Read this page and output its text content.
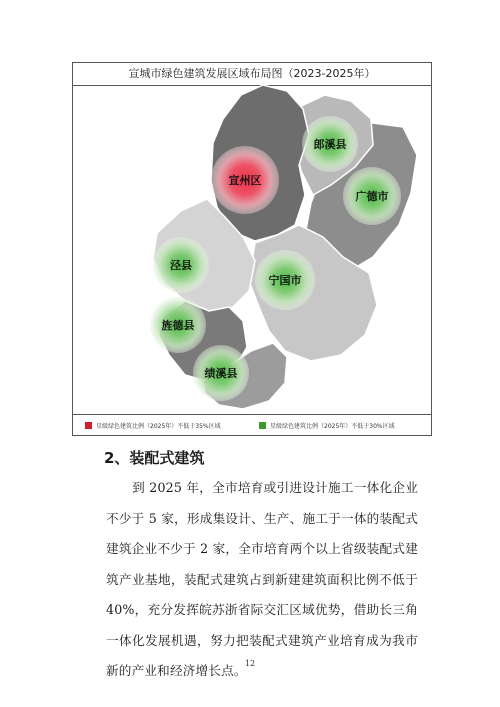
宣城市绿色建筑发展区域布局图（2023-2025年）
宣州区
郎溪县
广德市
泾县
宁国市
旌德县
绩溪县
星级绿色建筑比例（2025年）不低于35%区域	星级绿色建筑比例（2025年）不低于30%区域
2、装配式建筑
到 2025 年，全市培育或引进设计施工一体化企业不少于 5 家，形成集设计、生产、施工于一体的装配式建筑企业不少于 2 家，全市培育两个以上省级装配式建筑产业基地，装配式建筑占到新建建筑面积比例不低于 40%，充分发挥皖苏浙省际交汇区域优势，借助长三角一体化发展机遇，努力把装配式建筑产业培育成为我市新的产业和经济增长点。
12
